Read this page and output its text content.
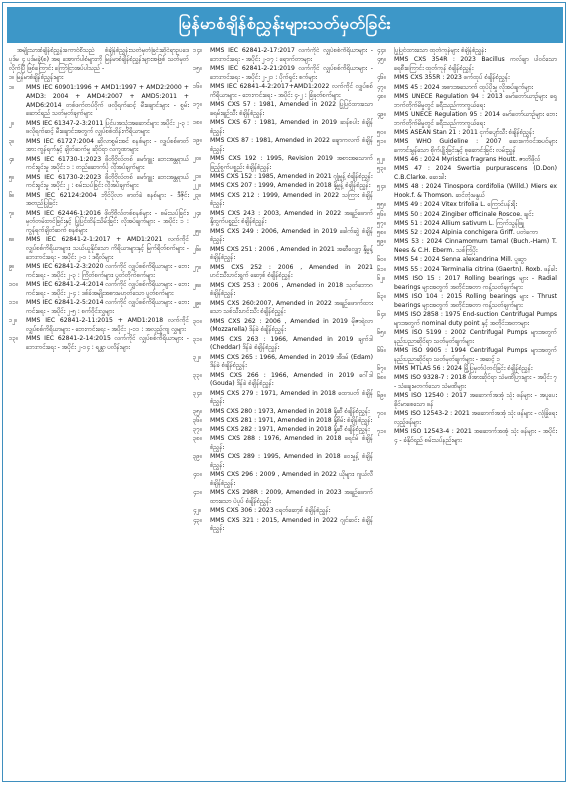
မြန်မာစံချိန်စံညွှန်းများသတ်မှတ်ခြင်း

အမျိုးသားစံချိန်စံညွှန်းကောင်စီသည် စံချိန်စံညွှန်းသတ်မှတ်ခြင်းဆိုင်ရာဥပဒေ ပုဒ်မ ၄ ပုဒ်မခွဲ(စ) အရ အောက်ပါစံများကို မြန်မာစံချိန်စံညွှန်းများအဖြစ် သတ်မှတ်လိုက်ပြီ ဖြစ်ကြောင်း ကြော်ငြာအပ်ပါသည် -

၁။ မြန်မာစံချိန်စံညွှန်းများ

၁။	MMS IEC 60901:1996 + AMD1:1997 + AMD2:2000 + AMD3: 2004 + AMD4:2007 + AMD5:2011 + AMD6:2014 တစ်ဖက်တပ်ဝိုက် ဖလိုရက်ဆင့် မီးချောင်းများ - စွမ်းဆောင်ရည် သတ်မှတ်ချက်များ
၂။	MMS IEC 61347-2-3:2011 ပြင်ပအသုံးအဆောင်များ အပိုင်း ၂-၃ : ဖလိုရက်ဆင့် မီးချောင်းအတွက် လျှပ်စစ်ထိန်းကိရိယာများ
၃။	MMS IEC 61727:2004 ဆိုလာစွမ်းအင် စနစ်များ - လျှပ်စစ်ဓာတ်အား ကွန်ရက်နှင့် ချိတ်ဆက်မှု ဆိုင်ရာ လက္ခဏာများ
၄။	MMS IEC 61730-1:2023 ဖိုတိုဗိုလ်တစ် မော်ဂျူး ဘေးအန္တရာယ်ကင်းရှင်းမှု အပိုင်း ၁ : တည်ဆောက်ပုံ လိုအပ်ချက်များ
၅။	MMS IEC 61730-2:2023 ဖိုတိုဗိုလ်တစ် မော်ဂျူး ဘေးအန္တရာယ်ကင်းရှင်းမှု အပိုင်း ၂ : စမ်းသပ်ခြင်း လိုအပ်ချက်များ
၆။	MMS IEC 62124:2004 ဘိုင်ပိုလာ ဓာတ်ခဲ စနစ်များ - ဒီဇိုင်း အတည်ပြုခြင်း
၇။	MMS IEC 62446-1:2016 ဖိုတိုဗိုလ်တစ်စနစ်များ - စမ်းသပ်ခြင်း၊ မှတ်တမ်းတင်ခြင်းနှင့် ပြုပြင်ထိန်းသိမ်းခြင်း လိုအပ်ချက်များ - အပိုင်း ၁ : ကွန်ရက်ချိတ်ဆက် စနစ်များ
၈။	MMS IEC 62841-2-1:2017 + AMD1:2021 လက်ကိုင် လျှပ်စစ်ကိရိယာများ၊ သယ်ယူနိုင်သော ကိရိယာများနှင့် မြက်ရိတ်စက်များ - ဘေးကင်းရေး - အပိုင်း ၂-၁ : ဒရီလ်များ
၉။	MMS IEC 62841-2-3:2020 လက်ကိုင် လျှပ်စစ်ကိရိယာများ - ဘေးကင်းရေး - အပိုင်း ၂-၃ : ကြိတ်စက်များ၊ ပွတ်တိုက်စက်များ
၁၀။	MMS IEC 62841-2-4:2014 လက်ကိုင် လျှပ်စစ်ကိရိယာများ - ဘေးကင်းရေး - အပိုင်း ၂-၄ : ဒစ်ခ်အမျိုးအစားမဟုတ်သော ပွတ်စက်များ
၁၁။	MMS IEC 62841-2-5:2014 လက်ကိုင် လျှပ်စစ်ကိရိယာများ - ဘေးကင်းရေး - အပိုင်း ၂-၅ : စက်ဝိုင်းလွှများ
၁၂။	MMS IEC 62841-2-11:2015 + AMD1:2018 လက်ကိုင် လျှပ်စစ်ကိရိယာများ - ဘေးကင်းရေး - အပိုင်း ၂-၁၁ : အလှည့်ကျ လွှများ
၁၃။	MMS IEC 62841-2-14:2015 လက်ကိုင် လျှပ်စစ်ကိရိယာများ - ဘေးကင်းရေး - အပိုင်း ၂-၁၄ : ရန္တာ ပလိန်းများ
၁၄။	MMS IEC 62841-2-17:2017 လက်ကိုင် လျှပ်စစ်ကိရိယာများ - ဘေးကင်းရေး - အပိုင်း ၂-၁၇ : ရောက်တာများ
၁၅။	MMS IEC 62841-2-21:2019 လက်ကိုင် လျှပ်စစ်ကိရိယာများ - ဘေးကင်းရေး - အပိုင်း ၂-၂၁ : ပိုက်ရှင်း စက်များ
၁၆။	MMS IEC 62841-4-2:2017+AMD1:2022 လက်ကိုင် လျှပ်စစ်ကိရိယာများ - ဘေးကင်းရေး - အပိုင်း ၄-၂ : ခြံခုတ်စက်များ
၁၇။	MMS CXS 57 : 1981, Amended in 2022 ပြုပြင်ထားသော ခရမ်းချဉ်သီး စံချိန်စံညွှန်း
၁၈။	MMS CXS 67 : 1981, Amended in 2019 ဆန်စပါး စံချိန်စံညွှန်း
၁၉။	MMS CXS 87 : 1981, Amended in 2022 ချောကလက် စံချိန်စံညွှန်း
၂၀။	MMS CXS 192 : 1995, Revision 2019 အစားအသောက်ဖြည့်စွက်ပစ္စည်း စံချိန်စံညွှန်း
၂၁။	MMS CXS 152 : 1985, Amended in 2021 ဂျုံမှုန့် စံချိန်စံညွှန်း
၂၂။	MMS CXS 207 : 1999, Amended in 2018 နို့မှုန့် စံချိန်စံညွှန်း
၂၃။	MMS CXS 212 : 1999, Amended in 2022 သကြား စံချိန်စံညွှန်း
၂၄။	MMS CXS 243 : 2003, Amended in 2022 အချဉ်ဖောက် နို့ထွက်ပစ္စည်း စံချိန်စံညွှန်း
၂၅။	MMS CXS 249 : 2006, Amended in 2019 ခေါက်ဆွဲ စံချိန်စံညွှန်း
၂၆။	MMS CXS 251 : 2006 , Amended in 2021 အဆီလျှော့ နို့မှုန့် စံချိန်စံညွှန်း
၂၇။	MMS CXS 252 : 2006 , Amended in 2021 ဟင်းသီးဟင်းရွက် ဆော့စ် စံချိန်စံညွှန်း
၂၈။	MMS CXS 253 : 2006 , Amended in 2018 သုတ်ဘောဂ စံချိန်စံညွှန်း
၂၉။	MMS CXS 260:2007, Amended in 2022 အချဉ်ဖောက်ထားသော သစ်သီးဟင်းသီး စံချိန်စံညွှန်း
၃၀။	MMS CXS 262 : 2006 , Amended in 2019 မိုဇာရဲလာ (Mozzarella) ဒိန်ခဲ စံချိန်စံညွှန်း
၃၁။	MMS CXS 263 : 1966, Amended in 2019 ချက်ဒါ (Cheddar) ဒိန်ခဲ စံချိန်စံညွှန်း
၃၂။	MMS CXS 265 : 1966, Amended in 2019 အီဒမ် (Edam) ဒိန်ခဲ စံချိန်စံညွှန်း
၃၃။	MMS CXS 266 : 1966, Amended in 2019 ဂေါ်ဒါ (Gouda) ဒိန်ခဲ စံချိန်စံညွှန်း
၃၄။	MMS CXS 279 : 1971, Amended in 2018 ထောပတ် စံချိန်စံညွှန်း
၃၅။	MMS CXS 280 : 1973, Amended in 2018 နို့ဆီ စံချိန်စံညွှန်း
၃၆။	MMS CXS 281 : 1971, Amended in 2018 နို့စိမ်း စံချိန်စံညွှန်း
၃၇။	MMS CXS 282 : 1971, Amended in 2018 နို့ဆီ စံချိန်စံညွှန်း
၃၈။	MMS CXS 288 : 1976, Amended in 2018 ခရင်မ် စံချိန်စံညွှန်း
၃၉။	MMS CXS 289 : 1995, Amended in 2018 ဝေးမှုန့် စံချိန်စံညွှန်း
၄၀။	MMS CXS 296 : 2009 , Amended in 2022 ယိုများ၊ ဂျယ်လီ စံချိန်စံညွှန်း
၄၁။	MMS CXS 298R : 2009, Amended in 2023 အချဉ်ဖောက်ထားသော ပဲပုပ် စံချိန်စံညွှန်း
၄၂။	MMS CXS 306 : 2023 ငရုတ်ဆော့စ် စံချိန်စံညွှန်း
၄၃။	MMS CXS 321 : 2015, Amended in 2022 ဂျင်ဆင်း စံချိန်စံညွှန်း
၄၄။	ပြုပြင်ထားသော ထုတ်ကုန်များ စံချိန်စံညွှန်း
၄၅။	MMS CXS 354R : 2023 Bacillus ကလ်ချာ ပါဝင်သော ရေစီးကြောင်း ထုတ်ကုန် စံချိန်စံညွှန်း
၄၆။	MMS CXS 355R : 2023 ဖက်ထုပ် စံချိန်စံညွှန်း
၄၇။	MMS 45 : 2024 အစားအသောက် ထုပ်ပိုးမှု လိုအပ်ချက်များ
၄၈။	MMS UNECE Regulation 94 : 2013 မော်တော်ယာဉ်များ ရှေ့ဘက်တိုက်မိမှုတွင် ခရီးသည်ကာကွယ်ရေး
၄၉။	MMS UNECE Regulation 95 : 2014 မော်တော်ယာဉ်များ ဘေးဘက်တိုက်မိမှုတွင် ခရီးသည်ကာကွယ်ရေး
၅၀။	MMS ASEAN Stan 21 : 2011 ငှက်ပျော်သီး စံချိန်စံညွှန်း
၅၁။	MMS WHO Guideline : 2007 ဆေးဖက်ဝင်အပင်များ ကောင်းမွန်သော စိုက်ပျိုးခြင်းနှင့် စုဆောင်းခြင်း လမ်းညွှန်
၅၂။	MMS 46 : 2024 Myristica fragrans Houtt. ဇာတိဖိုလ်
၅၃။	MMS 47 : 2024 Swertia purpurascens (D.Don) C.B.Clarke. ဆေးခါး
၅၄။	MMS 48 : 2024 Tinospora cordifolia (Willd.) Miers ex Hook.f. & Thomson. ဆင်တုံးမနွယ်
၅၅။	MMS 49 : 2024 Vitex trifolia L. ကြောင်ပန်းရိုး
၅၆။	MMS 50 : 2024 Zingiber officinale Roscoe. ချင်း
၅၇။	MMS 51 : 2024 Allium sativum L. ကြက်သွန်ဖြူ
၅၈။	MMS 52 : 2024 Alpinia conchigera Griff. ပတဲကော
၅၉။	MMS 53 : 2024 Cinnamomum tamal (Buch.-Ham) T. Nees & C.H. Eberm. သစ်ကြံပိုး
၆၀။	MMS 54 : 2024 Senna alexandrina Mill. ပူဆွာ
၆၁။	MMS 55 : 2024 Terminalia citrina (Gaertn). Roxb. ဖန်ခါး
၆၂။	MMS ISO 15 : 2017 Rolling bearings များ - Radial bearings များအတွက် အတိုင်းအတာ ကန့်သတ်ချက်များ
၆၃။	MMS ISO 104 : 2015 Rolling bearings များ - Thrust bearings များအတွက် အတိုင်းအတာ ကန့်သတ်ချက်များ
၆၄။	MMS ISO 2858 : 1975 End-suction Centrifugal Pumps များအတွက် nominal duty point နှင့် အတိုင်းအတာများ
၆၅။	MMS ISO 5199 : 2002 Centrifugal Pumps များအတွက် နည်းပညာဆိုင်ရာ သတ်မှတ်ချက်များ
၆၆။	MMS ISO 9905 : 1994 Centrifugal Pumps များအတွက် နည်းပညာဆိုင်ရာ သတ်မှတ်ချက်များ - အဆင့် ၁
၆၇။	MMS MTLAS 56 : 2024 မြို့ပြမှတ်ပုံတင်ခြင်း စံချိန်စံညွှန်း
၆၈။	MMS ISO 9328-7 : 2018 ဖိအားဆိုင်ရာ သံမဏိပြားများ - အပိုင်း ၇ - သံချေးမတက်သော သံမဏိများ
၆၉။	MMS ISO 12540 : 2017 အဆောက်အအုံ သုံး ဖန်များ - အပူပေး ခိုင်မာစေသော ဖန်
၇၀။	MMS ISO 12543-2 : 2021 အဆောက်အအုံ သုံး ဖန်များ - လုံခြုံရေး လှည့်ဖန်များ
၇၁။	MMS ISO 12543-4 : 2021 အဆောက်အအုံ သုံး ဖန်များ - အပိုင်း ၄ - ခံနိုင်ရည် စမ်းသပ်နည်းများ
